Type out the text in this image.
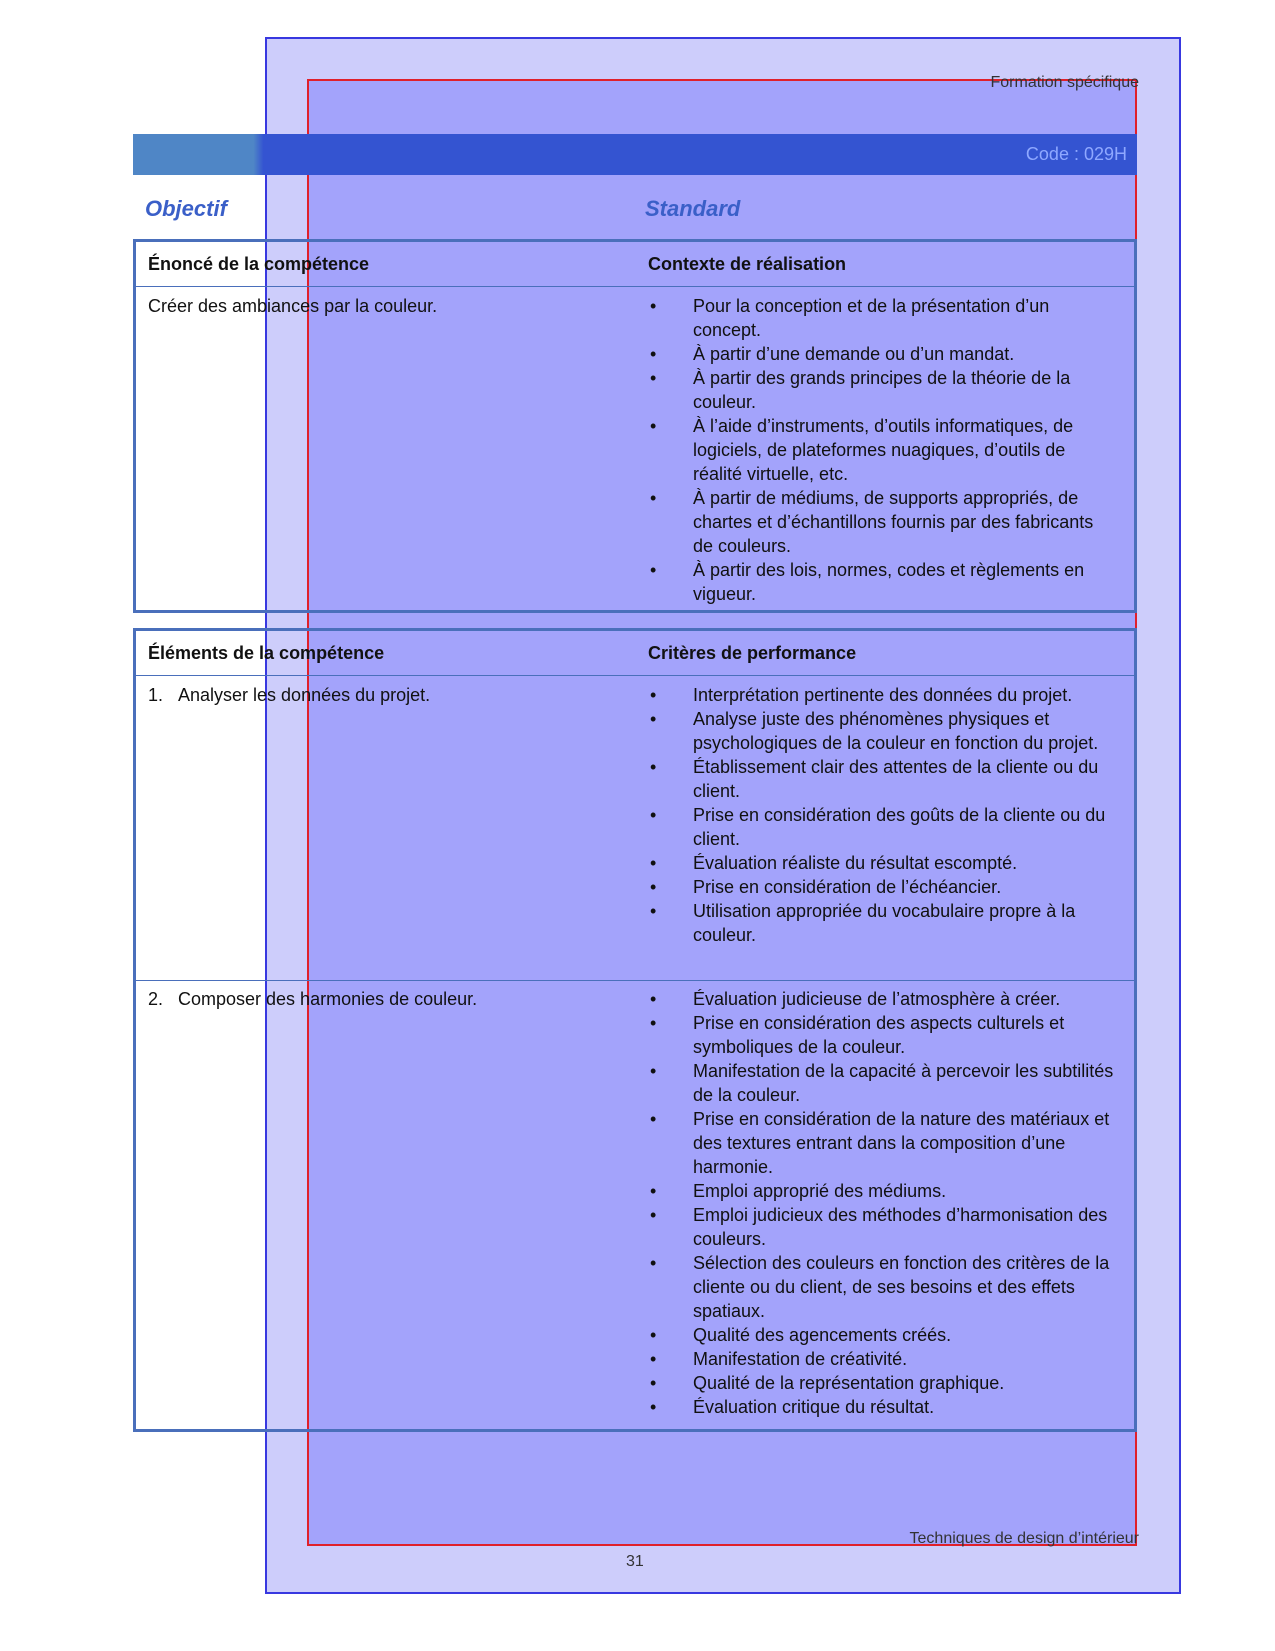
Formation spécifique
Code : 029H
Objectif	Standard
Énoncé de la compétence	Contexte de réalisation
Créer des ambiances par la couleur.	• Pour la conception et de la présentation d’un concept.
• À partir d’une demande ou d’un mandat.
• À partir des grands principes de la théorie de la couleur.
• À l’aide d’instruments, d’outils informatiques, de logiciels, de plateformes nuagiques, d’outils de réalité virtuelle, etc.
• À partir de médiums, de supports appropriés, de chartes et d’échantillons fournis par des fabricants de couleurs.
• À partir des lois, normes, codes et règlements en vigueur.
Éléments de la compétence	Critères de performance
1. Analyser les données du projet.	• Interprétation pertinente des données du projet.
• Analyse juste des phénomènes physiques et psychologiques de la couleur en fonction du projet.
• Établissement clair des attentes de la cliente ou du client.
• Prise en considération des goûts de la cliente ou du client.
• Évaluation réaliste du résultat escompté.
• Prise en considération de l’échéancier.
• Utilisation appropriée du vocabulaire propre à la couleur.
2. Composer des harmonies de couleur.	• Évaluation judicieuse de l’atmosphère à créer.
• Prise en considération des aspects culturels et symboliques de la couleur.
• Manifestation de la capacité à percevoir les subtilités de la couleur.
• Prise en considération de la nature des matériaux et des textures entrant dans la composition d’une harmonie.
• Emploi approprié des médiums.
• Emploi judicieux des méthodes d’harmonisation des couleurs.
• Sélection des couleurs en fonction des critères de la cliente ou du client, de ses besoins et des effets spatiaux.
• Qualité des agencements créés.
• Manifestation de créativité.
• Qualité de la représentation graphique.
• Évaluation critique du résultat.
Techniques de design d’intérieur
31
